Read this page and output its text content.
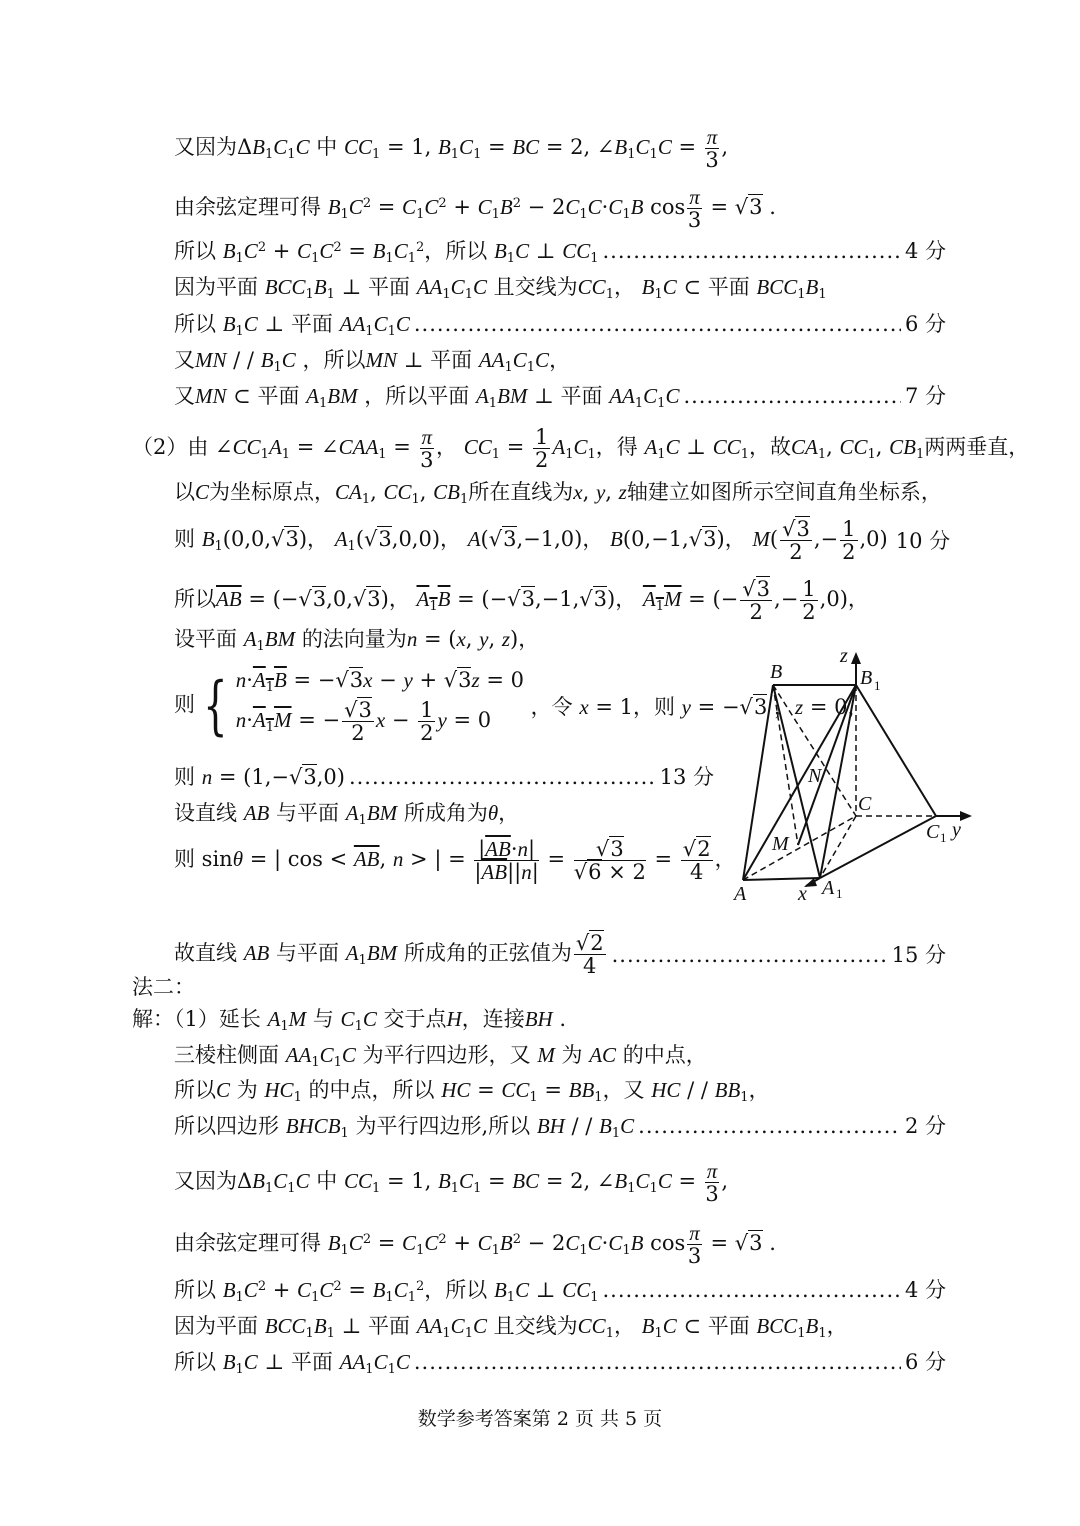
又因为$\Delta B_1C_1C$ 中 $CC_1 = 1$, $B_1C_1$ = BC = 2, $\angle B_1C_1C = \frac{\pi}{3}$ ,
由余弦定理可得 $B_1C^2 = C_1C^2 + C_1B^2 - 2C_1C\cdot C_1B$ $\cos \frac{\pi}{3} = √3$ .
所以 $B_1C^2 + C_1C^2 = B_1C_1^2$，所以 $B_1C$ ⊥ $CC_1$ .....	4 分
因为平面 $BCC_1B_1$ ⊥ 平面 $AA_1C_1C$ 且交线为$CC_1$， $B_1C$ ⊂ 平面 $BCC_1B_1$
所以 $B_1C$ ⊥ 平面 $AA_1C_1C$ .....	6 分
又MN / / $B_1C$ ，所以MN ⊥ 平面 $AA_1C_1C$，
又MN ⊂ 平面 $A_1BM$ ，所以平面 $A_1BM$ ⊥ 平面 $AA_1C_1C$ .....	7 分
（2）由 $\angle CC_1A_1$ = $\angle CAA_1 = \frac{\pi}{3}$ ， $CC_1 = \frac{1}{2} A_1C_1$，得 $A_1C$ ⊥ $CC_1$，故$CA_1$, $CC_1$, $CB_1$两两垂直，
以C为坐标原点，$CA_1$, $CC_1$, $CB_1$所在直线为x, y, z轴建立如图所示空间直角坐标系，
则 $B_1(0,0,√3)$， $A_1(√3,0,0)$， A(√3,−1,0)， B(0,−1,√3)， $M( \frac{√3}{2}$ ,− $\frac{1}{2} ,0$) 10 分
所以$\overline{AB} = (-√3,0,√3)$， $A_1B = (-√3,-1,√3)$， $A_1M$ = (− $\frac{√3}{2}$ ,− $\frac{1}{2} ,0$)，
设平面 $A_1BM$ 的法向量为n = (x, y, z)，
则 { $n\cdot A_1B = -√3x - y + √3z = 0$
$n\cdot A_1M$ = − $\frac{√3}{2}$ $x - \frac{1}{2}$ y = 0
，令 x = 1，则 y = −√3 ，z = 0，
则 n = (1,−√3,0) .....	13 分
设直线 AB 与平面 $A_1BM$ 所成角为θ，
则 sinθ = | $\cos < \overline{AB}$, n > | = $\frac{|\overline{AB}\cdot n|}{|\overline{AB}||n|} = \frac{√3}{√6 \times 2} = \frac{√2}{4}$ ，
故直线 AB 与平面 $A_1BM$ 所成角的正弦值为 $\frac{√2}{4}$ .....	15 分
法二：
解：（1）延长 $A_1M$ 与 $C_1C$ 交于点H，连接BH .
三棱柱侧面 $AA_1C_1C$ 为平行四边形，又 M 为 AC 的中点，
所以C 为 $HC_1$ 的中点，所以 HC = $CC_1 = BB_1$，又 HC / / $BB_1$，
所以四边形 $BHCB_1$ 为平行四边形,所以 BH / / $B_1C$ .....	2 分
又因为$\Delta B_1C_1C$ 中 $CC_1 = 1$, $B_1C_1$ = BC = 2, $\angle B_1C_1C = \frac{\pi}{3}$ ,
由余弦定理可得 $B_1C^2 = C_1C^2 + C_1B^2 - 2C_1C\cdot C_1B$ $\cos \frac{\pi}{3} = √3$ .
所以 $B_1C^2 + C_1C^2 = B_1C_1^2$，所以 $B_1C$ ⊥ $CC_1$ .....	4 分
因为平面 $BCC_1B_1$ ⊥ 平面 $AA_1C_1C$ 且交线为$CC_1$， $B_1C$ ⊂ 平面 $BCC_1B_1$，
所以 $B_1C$ ⊥ 平面 $AA_1C_1C$ .....	6 分
B	B 1
z
N
C
C 1 y
M
A	x A 1
数学参考答案第 2 页 共 5 页
